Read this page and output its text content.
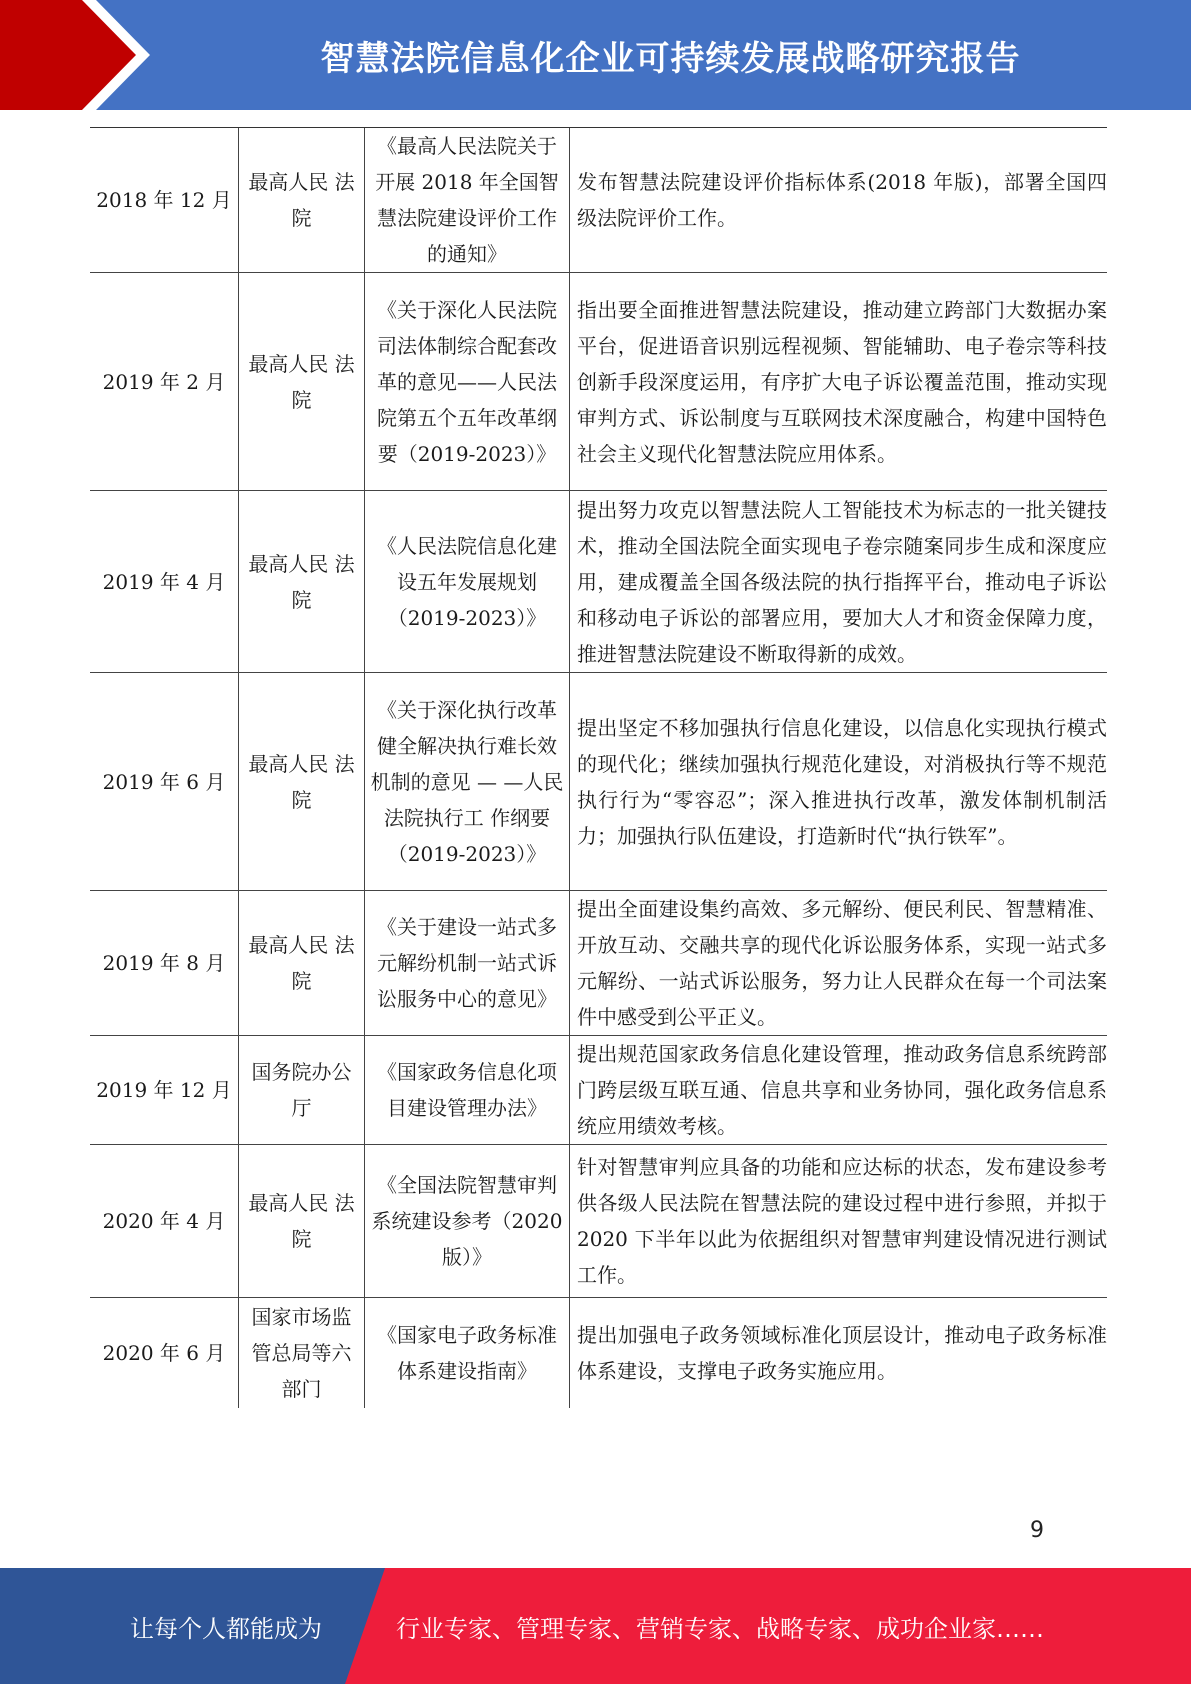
智慧法院信息化企业可持续发展战略研究报告
2018 年 12 月	最高人民 法院	《最高人民法院关于开展 2018 年全国智慧法院建设评价工作的通知》	发布智慧法院建设评价指标体系(2018 年版)，部署全国四级法院评价工作。

2019 年 2 月	最高人民 法院	《关于深化人民法院司法体制综合配套改革的意见——人民法院第五个五年改革纲要（2019-2023）》	指出要全面推进智慧法院建设，推动建立跨部门大数据办案平台，促进语音识别远程视频、智能辅助、电子卷宗等科技创新手段深度运用，有序扩大电子诉讼覆盖范围，推动实现审判方式、诉讼制度与互联网技术深度融合，构建中国特色社会主义现代化智慧法院应用体系。

2019 年 4 月	最高人民 法院	《人民法院信息化建设五年发展规划（2019-2023）》	提出努力攻克以智慧法院人工智能技术为标志的一批关键技术，推动全国法院全面实现电子卷宗随案同步生成和深度应用，建成覆盖全国各级法院的执行指挥平台，推动电子诉讼和移动电子诉讼的部署应用，要加大人才和资金保障力度，推进智慧法院建设不断取得新的成效。

2019 年 6 月	最高人民 法院	《关于深化执行改革健全解决执行难长效机制的意见 — —人民法院执行工 作纲要（2019-2023）》	提出坚定不移加强执行信息化建设，以信息化实现执行模式的现代化；继续加强执行规范化建设，对消极执行等不规范执行行为“零容忍”；深入推进执行改革，激发体制机制活力；加强执行队伍建设，打造新时代“执行铁军”。

2019 年 8 月	最高人民 法院	《关于建设一站式多元解纷机制一站式诉讼服务中心的意见》	提出全面建设集约高效、多元解纷、便民利民、智慧精准、开放互动、交融共享的现代化诉讼服务体系，实现一站式多元解纷、一站式诉讼服务，努力让人民群众在每一个司法案件中感受到公平正义。

2019 年 12 月	国务院办公厅	《国家政务信息化项目建设管理办法》	提出规范国家政务信息化建设管理，推动政务信息系统跨部门跨层级互联互通、信息共享和业务协同，强化政务信息系统应用绩效考核。

2020 年 4 月	最高人民 法院	《全国法院智慧审判系统建设参考（2020 版）》	针对智慧审判应具备的功能和应达标的状态，发布建设参考供各级人民法院在智慧法院的建设过程中进行参照，并拟于 2020 下半年以此为依据组织对智慧审判建设情况进行测试工作。

2020 年 6 月	国家市场监管总局等六部门	《国家电子政务标准体系建设指南》	提出加强电子政务领域标准化顶层设计，推动电子政务标准体系建设，支撑电子政务实施应用。
9
让每个人都能成为	行业专家、管理专家、营销专家、战略专家、成功企业家……
